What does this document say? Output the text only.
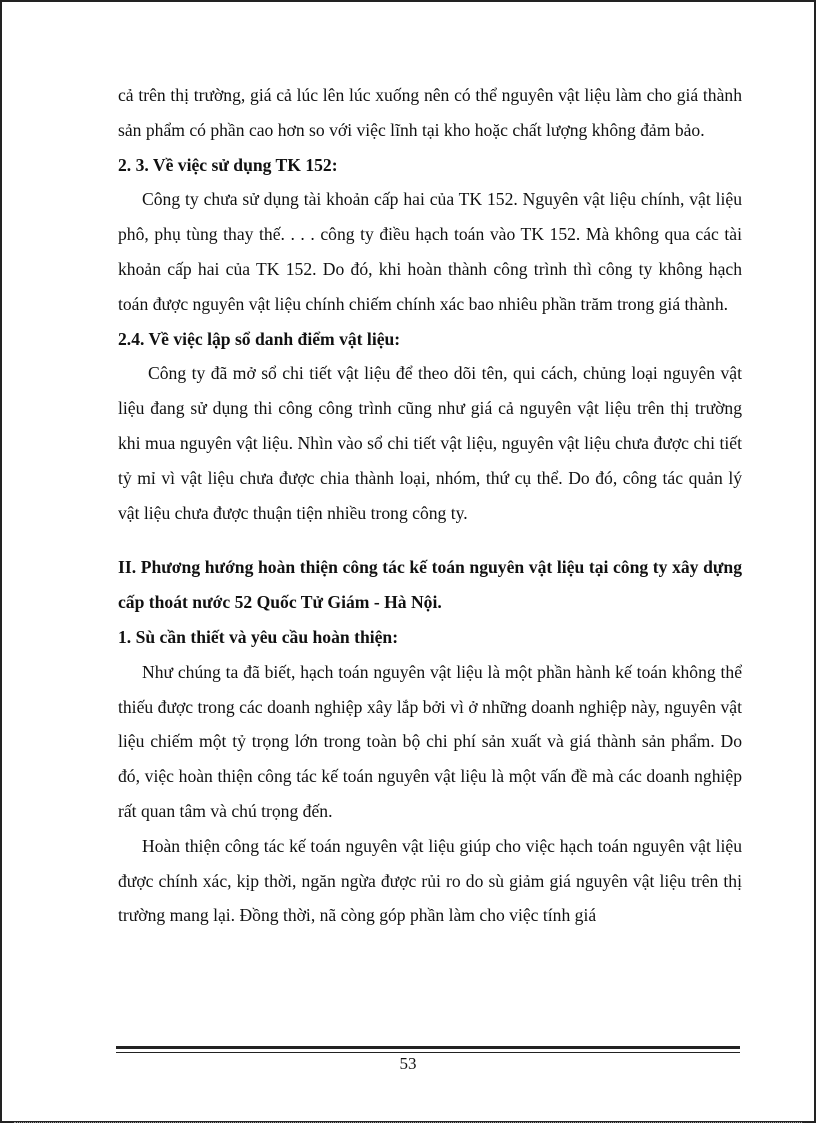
cả trên thị trường, giá cả lúc lên lúc xuống nên có thể nguyên vật liệu làm cho giá thành sản phẩm có phần cao hơn so với việc lĩnh tại kho hoặc chất lượng không đảm bảo.

2. 3. Về việc sử dụng TK 152:

Công ty chưa sử dụng tài khoản cấp hai của TK 152. Nguyên vật liệu chính, vật liệu phô, phụ tùng thay thế. . . . công ty điều hạch toán vào TK 152. Mà không qua các tài khoản cấp hai của TK 152. Do đó, khi hoàn thành công trình thì công ty không hạch toán được nguyên vật liệu chính chiếm chính xác bao nhiêu phần trăm trong giá thành.

2.4. Về việc lập sổ danh điểm vật liệu:

Công ty đã mở sổ chi tiết vật liệu để theo dõi tên, qui cách, chủng loại nguyên vật liệu đang sử dụng thi công công trình cũng như giá cả nguyên vật liệu trên thị trường khi mua nguyên vật liệu. Nhìn vào sổ chi tiết vật liệu, nguyên vật liệu chưa được chi tiết tỷ mỉ vì vật liệu chưa được chia thành loại, nhóm, thứ cụ thể. Do đó, công tác quản lý vật liệu chưa được thuận tiện nhiều trong công ty.

II. Phương hướng hoàn thiện công tác kế toán nguyên vật liệu tại công ty xây dựng cấp thoát nước 52 Quốc Tử Giám - Hà Nội.

1. Sù cần thiết và yêu cầu hoàn thiện:

Như chúng ta đã biết, hạch toán nguyên vật liệu là một phần hành kế toán không thể thiếu được trong các doanh nghiệp xây lắp bởi vì ở những doanh nghiệp này, nguyên vật liệu chiếm một tỷ trọng lớn trong toàn bộ chi phí sản xuất và giá thành sản phẩm. Do đó, việc hoàn thiện công tác kế toán nguyên vật liệu là một vấn đề mà các doanh nghiệp rất quan tâm và chú trọng đến.

Hoàn thiện công tác kế toán nguyên vật liệu giúp cho việc hạch toán nguyên vật liệu được chính xác, kịp thời, ngăn ngừa được rủi ro do sù giảm giá nguyên vật liệu trên thị trường mang lại. Đồng thời, nã còng góp phần làm cho việc tính giá

53
